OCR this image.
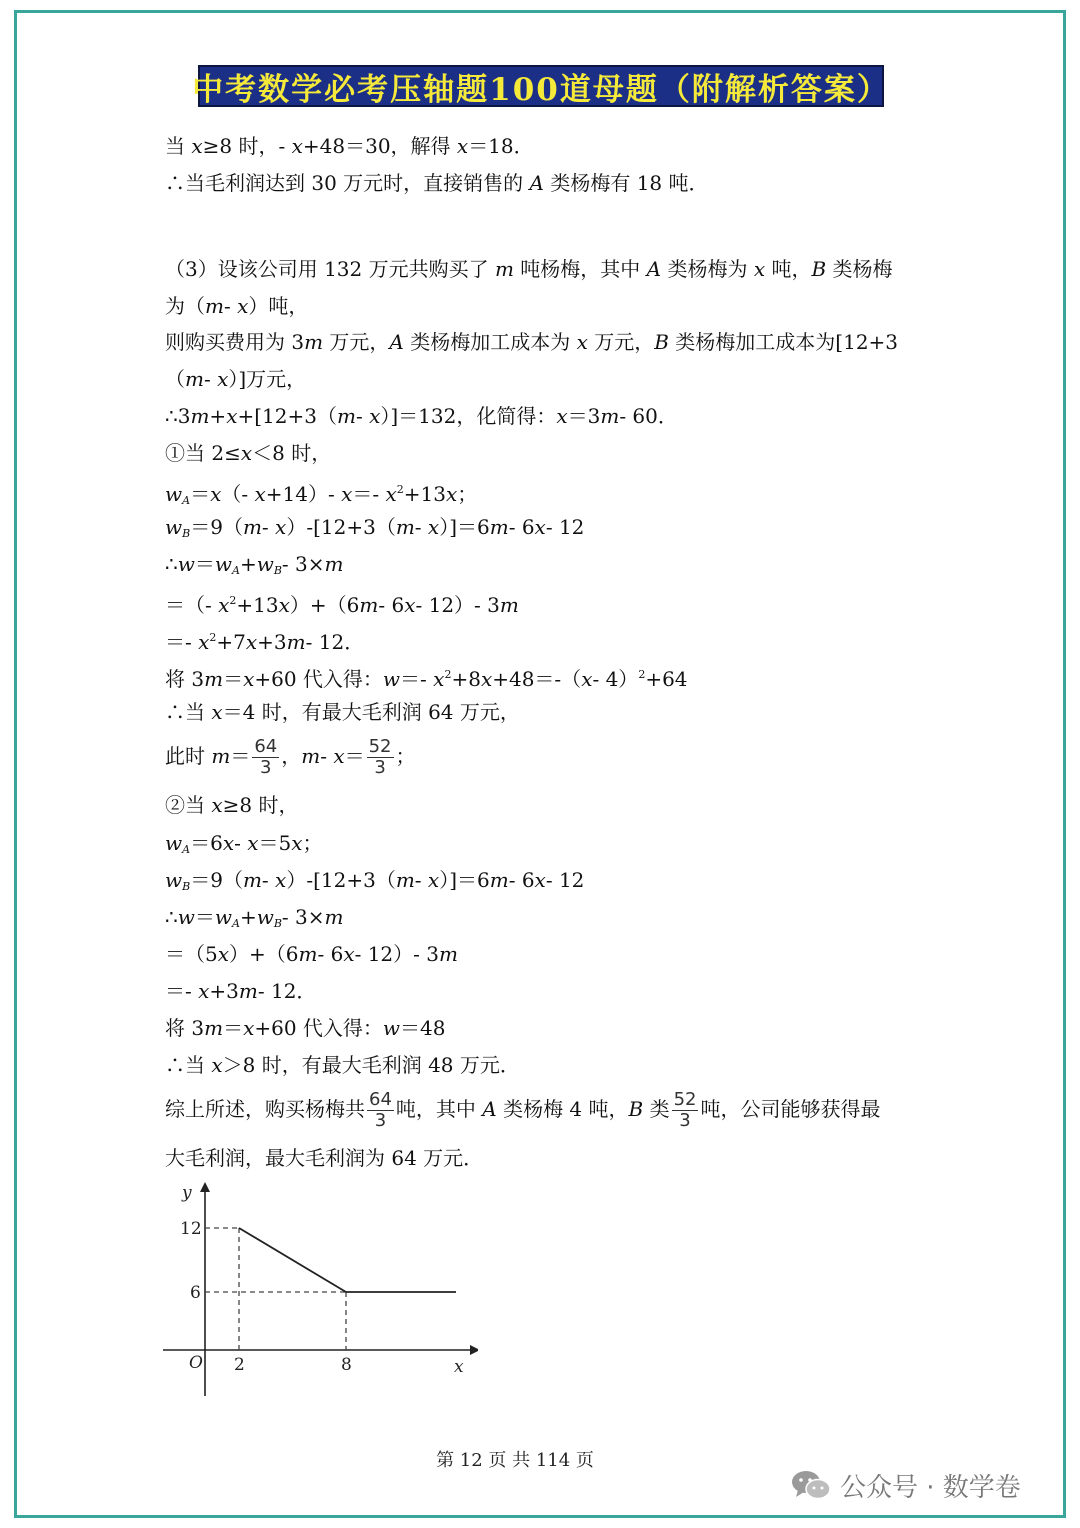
中考数学必考压轴题100道母题（附解析答案）
当 x≥8 时，- x+48＝30，解得 x＝18．
∴当毛利润达到 30 万元时，直接销售的 A 类杨梅有 18 吨．
（3）设该公司用 132 万元共购买了 m 吨杨梅，其中 A 类杨梅为 x 吨，B 类杨梅
为（m- x）吨，
则购买费用为 3m 万元，A 类杨梅加工成本为 x 万元，B 类杨梅加工成本为[12+3
（m- x）]万元，
∴3m+x+[12+3（m- x）]＝132，化简得：x＝3m- 60．
①当 2≤x＜8 时，
$w_A=x(-$ x+14）- x＝- $x^2+13x$；
$w_B=9(m-$ x）-[12+3（m- x）]＝6m- 6x- 12
$\therefore w=w_A+w_B-$ 3×m
＝（- $x^2+13x)+(6m-$ 6x- 12）- 3m
＝- $x^2+7x+3m-$ 12．
将 3m＝x+60 代入得：w＝- $x^2+8x+48=-(x-$ 4）$^2$+64
∴当 x＝4 时，有最大毛利润 64 万元，
此时 $m= \frac{64}{3}$ ，m- $x= \frac{52}{3}$ ；
②当 x≥8 时，
$w_A=6x-$ x＝5x；
$w_B=9(m-$ x）-[12+3（m- x）]＝6m- 6x- 12
$\therefore w=w_A+w_B-$ 3×m
＝（5x）+（6m- 6x- 12）- 3m
＝- x+3m- 12．
将 3m＝x+60 代入得：w＝48
∴当 x＞8 时，有最大毛利润 48 万元．
综上所述，购买杨梅共 $\frac{64}{3}$ 吨，其中 A 类杨梅 4 吨，B 类 $\frac{52}{3}$ 吨，公司能够获得最
大毛利润，最大毛利润为 64 万元．
y
x
O 2	8
12
6
第 12 页 共 114 页
公众号 · 数学卷
